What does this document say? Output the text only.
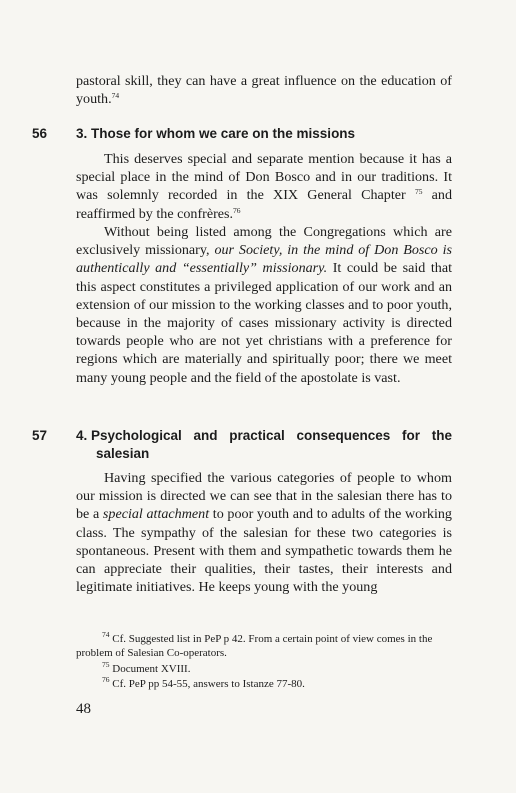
pastoral skill, they can have a great influence on the education of youth.$^{74}$

56 3. Those for whom we care on the missions

This deserves special and separate mention because it has a special place in the mind of Don Bosco and in our traditions. It was solemnly recorded in the XIX General Chapter $^{75}$ and reaffirmed by the confrères.$^{76}$

Without being listed among the Congregations which are exclusively missionary, our Society, in the mind of Don Bosco is authentically and “essentially” missionary. It could be said that this aspect constitutes a privileged application of our work and an extension of our mission to the working classes and to poor youth, because in the majority of cases missionary activity is directed towards people who are not yet christians with a preference for regions which are materially and spiritually poor; there we meet many young people and the field of the apostolate is vast.

57 4. Psychological and practical consequences for the
salesian

Having specified the various categories of people to whom our mission is directed we can see that in the salesian there has to be a special attachment to poor youth and to adults of the working class. The sympathy of the salesian for these two categories is spontaneous. Present with them and sympathetic towards them he can appreciate their qualities, their tastes, their interests and legitimate initiatives. He keeps young with the young

$^{74}$ Cf. Suggested list in PeP p 42. From a certain point of view comes in the problem of Salesian Co-operators.

$^{75}$ Document XVIII.

$^{76}$ Cf. PeP pp 54-55, answers to Istanze 77-80.

48
